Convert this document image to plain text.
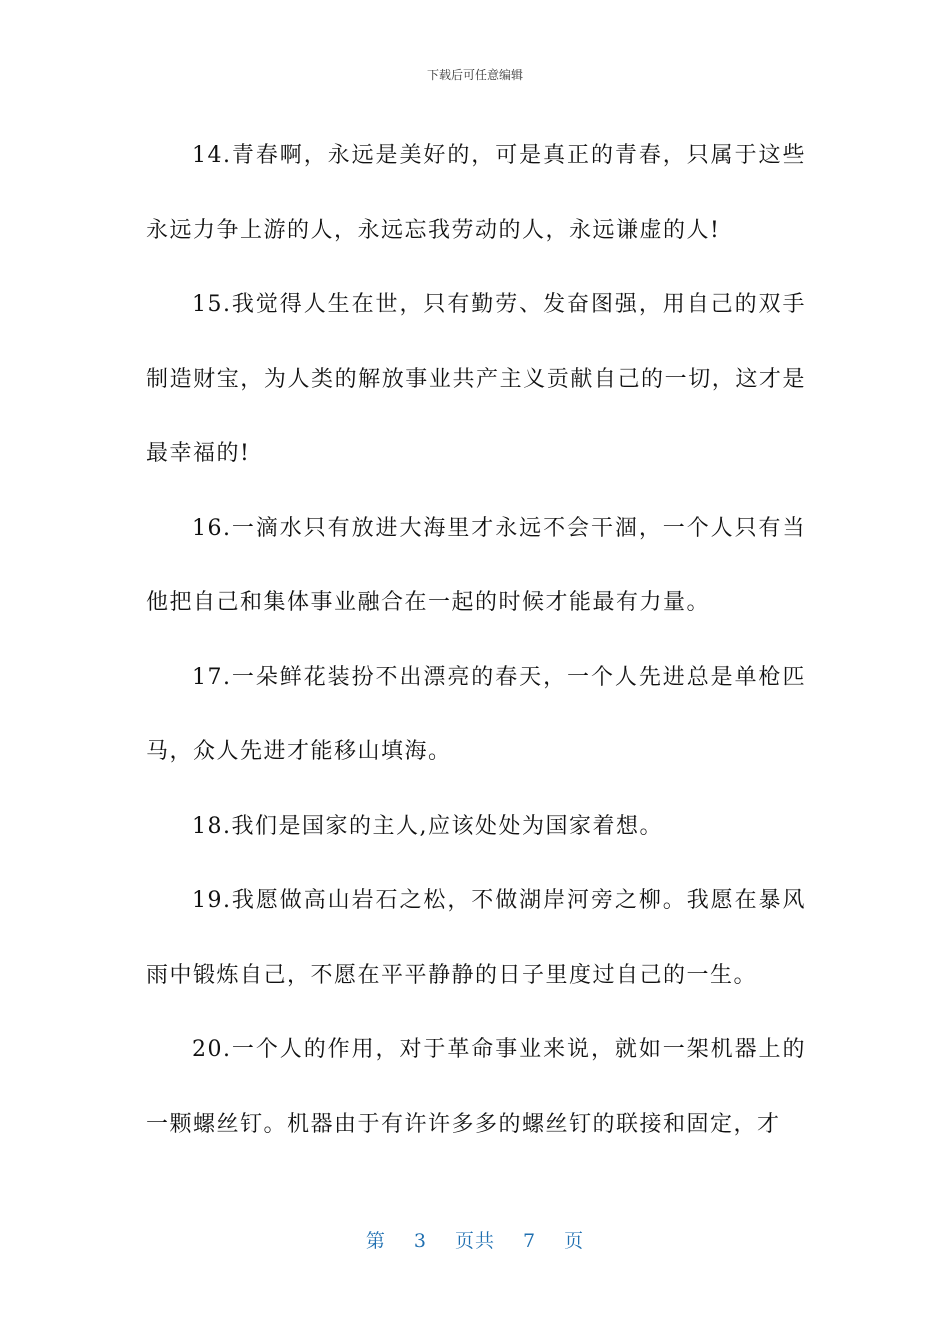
下载后可任意编辑

14.青春啊，永远是美好的，可是真正的青春，只属于这些永远力争上游的人，永远忘我劳动的人，永远谦虚的人!

15.我觉得人生在世，只有勤劳、发奋图强，用自己的双手制造财宝，为人类的解放事业共产主义贡献自己的一切，这才是最幸福的!

16.一滴水只有放进大海里才永远不会干涸，一个人只有当他把自己和集体事业融合在一起的时候才能最有力量。

17.一朵鲜花装扮不出漂亮的春天，一个人先进总是单枪匹马，众人先进才能移山填海。

18.我们是国家的主人,应该处处为国家着想。

19.我愿做高山岩石之松，不做湖岸河旁之柳。我愿在暴风雨中锻炼自己，不愿在平平静静的日子里度过自己的一生。

20.一个人的作用，对于革命事业来说，就如一架机器上的一颗螺丝钉。机器由于有许许多多的螺丝钉的联接和固定，才

第 3 页共 7 页
